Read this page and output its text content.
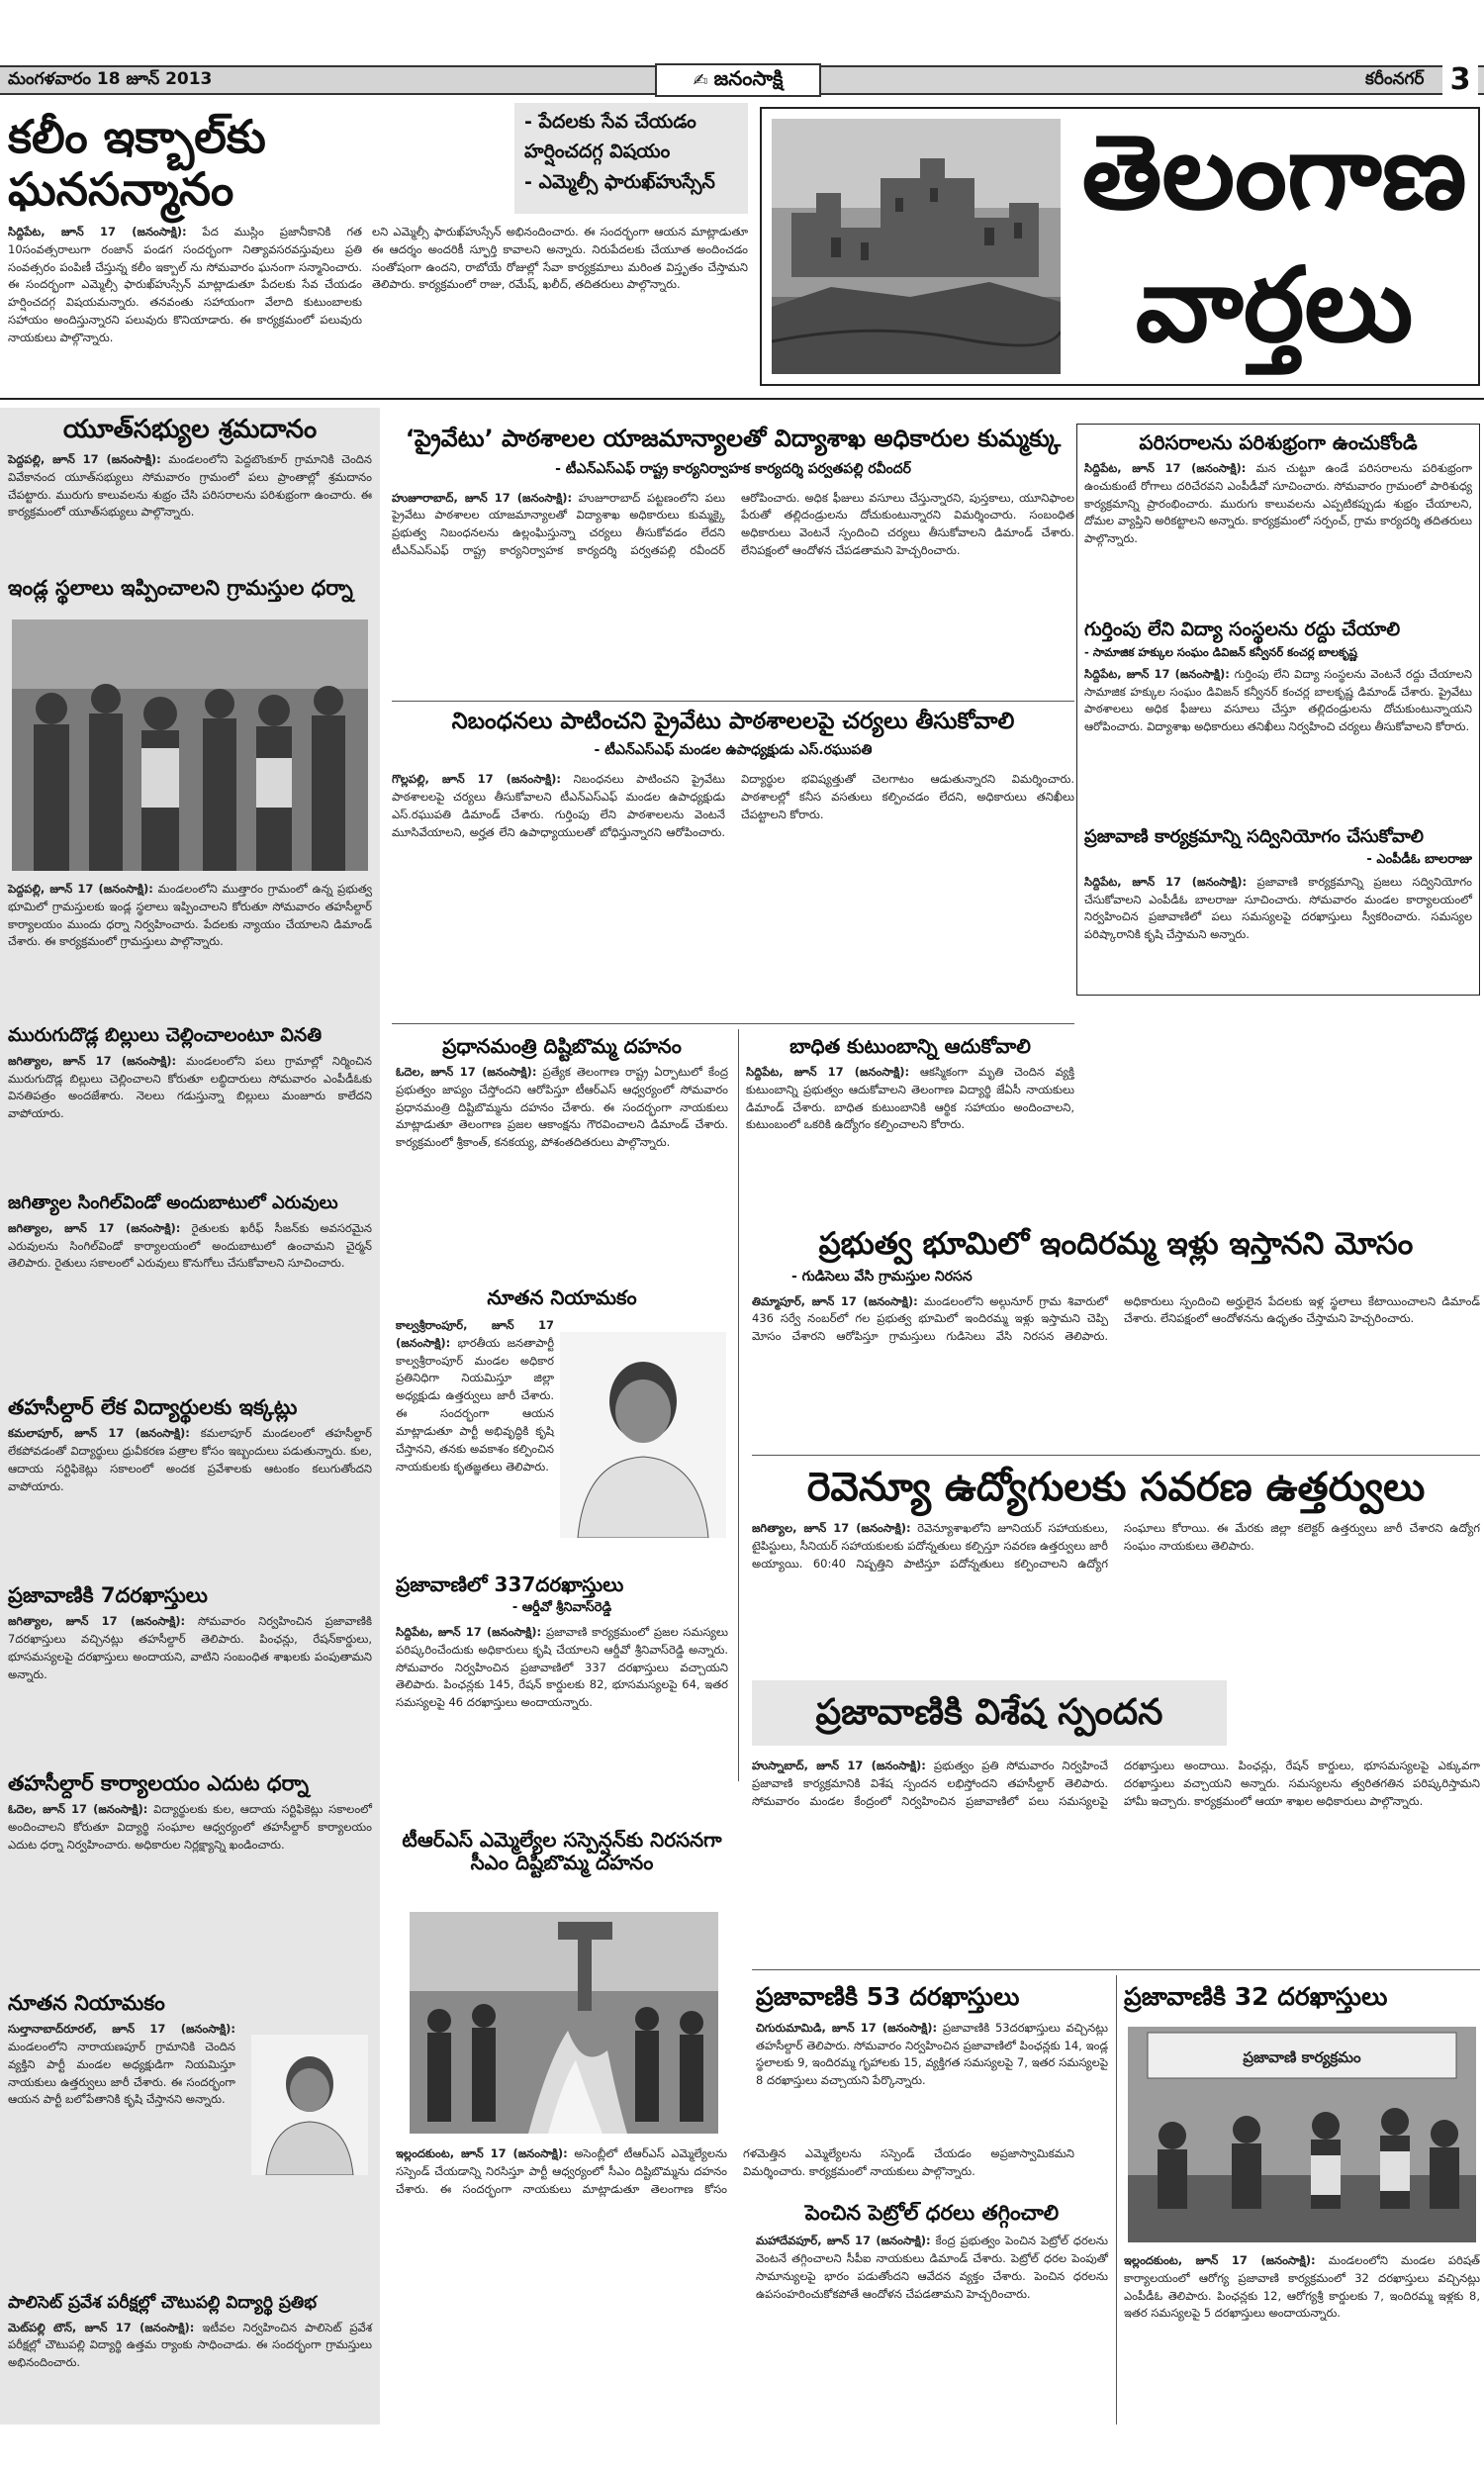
మంగళవారం 18 జూన్ 2013	✍ జనంసాక్షి	కరీంనగర్ 3
కలీం ఇక్బాల్‌కు ఘనసన్మానం
- పేదలకు సేవ చేయడం
హర్షించదగ్గ విషయం
- ఎమ్మెల్సీ ఫారుఖ్‌హుస్సేన్

సిద్దిపేట, జూన్ 17 (జనంసాక్షి): పేద ముస్లిం ప్రజానీకానికి గత 10సంవత్సరాలుగా రంజాన్ పండగ సందర్భంగా నిత్యావసరవస్తువులు ప్రతి సంవత్సరం పంపిణీ చేస్తున్న కలీం ఇక్బాల్ ను సోమవారం ఘనంగా సన్మానించారు. ఈ సందర్భంగా ఎమ్మెల్సీ ఫారుఖ్‌హుస్సేన్ మాట్లాడుతూ పేదలకు సేవ చేయడం హర్షించదగ్గ విషయమన్నారు. తనవంతు సహాయంగా వేలాది కుటుంబాలకు సహాయం అందిస్తున్నారని పలువురు కొనియాడారు. ఈ కార్యక్రమంలో పలువురు నాయకులు పాల్గొన్నారు.

లని ఎమ్మెల్సీ ఫారుఖ్‌హుస్సేన్ అభినందించారు. ఈ సందర్భంగా ఆయన మాట్లాడుతూ ఈ ఆదర్శం అందరికీ స్ఫూర్తి కావాలని అన్నారు. నిరుపేదలకు చేయూత అందించడం సంతోషంగా ఉందని, రాబోయే రోజుల్లో సేవా కార్యక్రమాలు మరింత విస్తృతం చేస్తామని తెలిపారు. కార్యక్రమంలో రాజు, రమేష్, ఖలీద్, తదితరులు పాల్గొన్నారు.

తెలంగాణ
వార్తలు
యూత్‌సభ్యుల శ్రమదానం

పెద్దపల్లి, జూన్ 17 (జనంసాక్షి): మండలంలోని పెద్దబొంకూర్ గ్రామానికి చెందిన వివేకానంద యూత్‌సభ్యులు సోమవారం గ్రామంలో పలు ప్రాంతాల్లో శ్రమదానం చేపట్టారు. మురుగు కాలువలను శుభ్రం చేసి పరిసరాలను పరిశుభ్రంగా ఉంచారు. ఈ కార్యక్రమంలో యూత్‌సభ్యులు పాల్గొన్నారు.

ఇండ్ల స్థలాలు ఇప్పించాలని గ్రామస్తుల ధర్నా

పెద్దపల్లి, జూన్ 17 (జనంసాక్షి): మండలంలోని ముత్తారం గ్రామంలో ఉన్న ప్రభుత్వ భూమిలో గ్రామస్తులకు ఇండ్ల స్థలాలు ఇప్పించాలని కోరుతూ సోమవారం తహసీల్దార్ కార్యాలయం ముందు ధర్నా నిర్వహించారు. పేదలకు న్యాయం చేయాలని డిమాండ్ చేశారు. ఈ కార్యక్రమంలో గ్రామస్తులు పాల్గొన్నారు.

మురుగుదొడ్ల బిల్లులు చెల్లించాలంటూ వినతి

జగిత్యాల, జూన్ 17 (జనంసాక్షి): మండలంలోని పలు గ్రామాల్లో నిర్మించిన మురుగుదొడ్ల బిల్లులు చెల్లించాలని కోరుతూ లబ్ధిదారులు సోమవారం ఎంపీడీఓకు వినతిపత్రం అందజేశారు. నెలలు గడుస్తున్నా బిల్లులు మంజూరు కాలేదని వాపోయారు.

జగిత్యాల సింగిల్‌విండో అందుబాటులో ఎరువులు

జగిత్యాల, జూన్ 17 (జనంసాక్షి): రైతులకు ఖరీఫ్ సీజన్‌కు అవసరమైన ఎరువులను సింగిల్‌విండో కార్యాలయంలో అందుబాటులో ఉంచామని చైర్మన్ తెలిపారు. రైతులు సకాలంలో ఎరువులు కొనుగోలు చేసుకోవాలని సూచించారు.

తహసీల్దార్ లేక విద్యార్థులకు ఇక్కట్లు

కమలాపూర్, జూన్ 17 (జనంసాక్షి): కమలాపూర్ మండలంలో తహసీల్దార్ లేకపోవడంతో విద్యార్థులు ధ్రువీకరణ పత్రాల కోసం ఇబ్బందులు పడుతున్నారు. కుల, ఆదాయ సర్టిఫికెట్లు సకాలంలో అందక ప్రవేశాలకు ఆటంకం కలుగుతోందని వాపోయారు.

ప్రజావాణికి 7దరఖాస్తులు

జగిత్యాల, జూన్ 17 (జనంసాక్షి): సోమవారం నిర్వహించిన ప్రజావాణికి 7దరఖాస్తులు వచ్చినట్లు తహసీల్దార్ తెలిపారు. పింఛన్లు, రేషన్‌కార్డులు, భూసమస్యలపై దరఖాస్తులు అందాయని, వాటిని సంబంధిత శాఖలకు పంపుతామని అన్నారు.

తహసీల్దార్ కార్యాలయం ఎదుట ధర్నా

ఓదెల, జూన్ 17 (జనంసాక్షి): విద్యార్థులకు కుల, ఆదాయ సర్టిఫికెట్లు సకాలంలో అందించాలని కోరుతూ విద్యార్థి సంఘాల ఆధ్వర్యంలో తహసీల్దార్ కార్యాలయం ఎదుట ధర్నా నిర్వహించారు. అధికారుల నిర్లక్ష్యాన్ని ఖండించారు.

నూతన నియామకం

సుల్తానాబాద్‌రూరల్, జూన్ 17 (జనంసాక్షి): మండలంలోని నారాయణపూర్ గ్రామానికి చెందిన వ్యక్తిని పార్టీ మండల అధ్యక్షుడిగా నియమిస్తూ నాయకులు ఉత్తర్వులు జారీ చేశారు. ఈ సందర్భంగా ఆయన పార్టీ బలోపేతానికి కృషి చేస్తానని అన్నారు.

పాలిసెట్ ప్రవేశ పరీక్షల్లో చౌటుపల్లి విద్యార్థి ప్రతిభ

మెట్‌పల్లి టౌన్, జూన్ 17 (జనంసాక్షి): ఇటీవల నిర్వహించిన పాలిసెట్ ప్రవేశ పరీక్షల్లో చౌటుపల్లి విద్యార్థి ఉత్తమ ర్యాంకు సాధించాడు. ఈ సందర్భంగా గ్రామస్తులు అభినందించారు.

‘ప్రైవేటు’ పాఠశాలల యాజమాన్యాలతో విద్యాశాఖ అధికారుల కుమ్మక్కు
- టీఎన్‌ఎస్‌ఎఫ్ రాష్ట్ర కార్యనిర్వాహక కార్యదర్శి పర్వతపల్లి రవీందర్

హుజూరాబాద్, జూన్ 17 (జనంసాక్షి): హుజూరాబాద్ పట్టణంలోని పలు ప్రైవేటు పాఠశాలల యాజమాన్యాలతో విద్యాశాఖ అధికారులు కుమ్మక్కై ప్రభుత్వ నిబంధనలను ఉల్లంఘిస్తున్నా చర్యలు తీసుకోవడం లేదని టీఎన్‌ఎస్‌ఎఫ్ రాష్ట్ర కార్యనిర్వాహక కార్యదర్శి పర్వతపల్లి రవీందర్ ఆరోపించారు. అధిక ఫీజులు వసూలు చేస్తున్నారని, పుస్తకాలు, యూనిఫాంల పేరుతో తల్లిదండ్రులను దోచుకుంటున్నారని విమర్శించారు. సంబంధిత అధికారులు వెంటనే స్పందించి చర్యలు తీసుకోవాలని డిమాండ్ చేశారు. లేనిపక్షంలో ఆందోళన చేపడతామని హెచ్చరించారు.

నిబంధనలు పాటించని ప్రైవేటు పాఠశాలలపై చర్యలు తీసుకోవాలి
- టీఎన్‌ఎస్‌ఎఫ్ మండల ఉపాధ్యక్షుడు ఎస్.రఘుపతి

గొల్లపల్లి, జూన్ 17 (జనంసాక్షి): నిబంధనలు పాటించని ప్రైవేటు పాఠశాలలపై చర్యలు తీసుకోవాలని టీఎన్‌ఎస్‌ఎఫ్ మండల ఉపాధ్యక్షుడు ఎస్.రఘుపతి డిమాండ్ చేశారు. గుర్తింపు లేని పాఠశాలలను వెంటనే మూసివేయాలని, అర్హత లేని ఉపాధ్యాయులతో బోధిస్తున్నారని ఆరోపించారు. విద్యార్థుల భవిష్యత్తుతో చెలగాటం ఆడుతున్నారని విమర్శించారు. పాఠశాలల్లో కనీస వసతులు కల్పించడం లేదని, అధికారులు తనిఖీలు చేపట్టాలని కోరారు.

ప్రధానమంత్రి దిష్టిబొమ్మ దహనం

ఓదెల, జూన్ 17 (జనంసాక్షి): ప్రత్యేక తెలంగాణ రాష్ట్ర ఏర్పాటులో కేంద్ర ప్రభుత్వం జాప్యం చేస్తోందని ఆరోపిస్తూ టీఆర్ఎస్ ఆధ్వర్యంలో సోమవారం ప్రధానమంత్రి దిష్టిబొమ్మను దహనం చేశారు. ఈ సందర్భంగా నాయకులు మాట్లాడుతూ తెలంగాణ ప్రజల ఆకాంక్షను గౌరవించాలని డిమాండ్ చేశారు. కార్యక్రమంలో శ్రీకాంత్, కనకయ్య, పోశంతదితరులు పాల్గొన్నారు.

బాధిత కుటుంబాన్ని ఆదుకోవాలి

సిద్దిపేట, జూన్ 17 (జనంసాక్షి): ఆకస్మికంగా మృతి చెందిన వ్యక్తి కుటుంబాన్ని ప్రభుత్వం ఆదుకోవాలని తెలంగాణ విద్యార్థి జేఏసీ నాయకులు డిమాండ్ చేశారు. బాధిత కుటుంబానికి ఆర్థిక సహాయం అందించాలని, కుటుంబంలో ఒకరికి ఉద్యోగం కల్పించాలని కోరారు.

నూతన నియామకం

కాల్వశ్రీరాంపూర్, జూన్ 17 (జనంసాక్షి): భారతీయ జనతాపార్టీ కాల్వశ్రీరాంపూర్ మండల అధికార ప్రతినిధిగా నియమిస్తూ జిల్లా అధ్యక్షుడు ఉత్తర్వులు జారీ చేశారు. ఈ సందర్భంగా ఆయన మాట్లాడుతూ పార్టీ అభివృద్ధికి కృషి చేస్తానని, తనకు అవకాశం కల్పించిన నాయకులకు కృతజ్ఞతలు తెలిపారు.

ప్రజావాణిలో 337దరఖాస్తులు
- ఆర్డీవో శ్రీనివాస్‌రెడ్డి

సిద్దిపేట, జూన్ 17 (జనంసాక్షి): ప్రజావాణి కార్యక్రమంలో ప్రజల సమస్యలు పరిష్కరించేందుకు అధికారులు కృషి చేయాలని ఆర్డీవో శ్రీనివాస్‌రెడ్డి అన్నారు. సోమవారం నిర్వహించిన ప్రజావాణిలో 337 దరఖాస్తులు వచ్చాయని తెలిపారు. పింఛన్లకు 145, రేషన్ కార్డులకు 82, భూసమస్యలపై 64, ఇతర సమస్యలపై 46 దరఖాస్తులు అందాయన్నారు.

టీఆర్‌ఎస్ ఎమ్మెల్యేల సస్పెన్షన్‌కు నిరసనగా సీఎం దిష్టిబొమ్మ దహనం

ఇల్లందకుంట, జూన్ 17 (జనంసాక్షి): అసెంబ్లీలో టీఆర్‌ఎస్ ఎమ్మెల్యేలను సస్పెండ్ చేయడాన్ని నిరసిస్తూ పార్టీ ఆధ్వర్యంలో సీఎం దిష్టిబొమ్మను దహనం చేశారు. ఈ సందర్భంగా నాయకులు మాట్లాడుతూ తెలంగాణ కోసం గళమెత్తిన ఎమ్మెల్యేలను సస్పెండ్ చేయడం అప్రజాస్వామికమని విమర్శించారు. కార్యక్రమంలో నాయకులు పాల్గొన్నారు.

పరిసరాలను పరిశుభ్రంగా ఉంచుకోండి

సిద్దిపేట, జూన్ 17 (జనంసాక్షి): మన చుట్టూ ఉండే పరిసరాలను పరిశుభ్రంగా ఉంచుకుంటే రోగాలు దరిచేరవని ఎంపీడీవో సూచించారు. సోమవారం గ్రామంలో పారిశుధ్య కార్యక్రమాన్ని ప్రారంభించారు. మురుగు కాలువలను ఎప్పటికప్పుడు శుభ్రం చేయాలని, దోమల వ్యాప్తిని అరికట్టాలని అన్నారు. కార్యక్రమంలో సర్పంచ్, గ్రామ కార్యదర్శి తదితరులు పాల్గొన్నారు.

గుర్తింపు లేని విద్యా సంస్థలను రద్దు చేయాలి
- సామాజిక హక్కుల సంఘం డివిజన్ కన్వీనర్ కంచర్ల బాలకృష్ణ

సిద్దిపేట, జూన్ 17 (జనంసాక్షి): గుర్తింపు లేని విద్యా సంస్థలను వెంటనే రద్దు చేయాలని సామాజిక హక్కుల సంఘం డివిజన్ కన్వీనర్ కంచర్ల బాలకృష్ణ డిమాండ్ చేశారు. ప్రైవేటు పాఠశాలలు అధిక ఫీజులు వసూలు చేస్తూ తల్లిదండ్రులను దోచుకుంటున్నాయని ఆరోపించారు. విద్యాశాఖ అధికారులు తనిఖీలు నిర్వహించి చర్యలు తీసుకోవాలని కోరారు.

ప్రజావాణి కార్యక్రమాన్ని సద్వినియోగం చేసుకోవాలి
- ఎంపీడీఓ బాలరాజు

సిద్దిపేట, జూన్ 17 (జనంసాక్షి): ప్రజావాణి కార్యక్రమాన్ని ప్రజలు సద్వినియోగం చేసుకోవాలని ఎంపీడీఓ బాలరాజు సూచించారు. సోమవారం మండల కార్యాలయంలో నిర్వహించిన ప్రజావాణిలో పలు సమస్యలపై దరఖాస్తులు స్వీకరించారు. సమస్యల పరిష్కారానికి కృషి చేస్తామని అన్నారు.

ప్రభుత్వ భూమిలో ఇందిరమ్మ ఇళ్లు ఇస్తానని మోసం
- గుడిసెలు వేసి గ్రామస్తుల నిరసన

తిమ్మాపూర్, జూన్ 17 (జనంసాక్షి): మండలంలోని అల్గునూర్ గ్రామ శివారులో 436 సర్వే నంబర్‌లో గల ప్రభుత్వ భూమిలో ఇందిరమ్మ ఇళ్లు ఇస్తామని చెప్పి మోసం చేశారని ఆరోపిస్తూ గ్రామస్తులు గుడిసెలు వేసి నిరసన తెలిపారు. అధికారులు స్పందించి అర్హులైన పేదలకు ఇళ్ల స్థలాలు కేటాయించాలని డిమాండ్ చేశారు. లేనిపక్షంలో ఆందోళనను ఉధృతం చేస్తామని హెచ్చరించారు.

రెవెన్యూ ఉద్యోగులకు సవరణ ఉత్తర్వులు

జగిత్యాల, జూన్ 17 (జనంసాక్షి): రెవెన్యూశాఖలోని జూనియర్ సహాయకులు, టైపిస్టులు, సీనియర్ సహాయకులకు పదోన్నతులు కల్పిస్తూ సవరణ ఉత్తర్వులు జారీ అయ్యాయి. 60:40 నిష్పత్తిని పాటిస్తూ పదోన్నతులు కల్పించాలని ఉద్యోగ సంఘాలు కోరాయి. ఈ మేరకు జిల్లా కలెక్టర్ ఉత్తర్వులు జారీ చేశారని ఉద్యోగ సంఘం నాయకులు తెలిపారు.

ప్రజావాణికి విశేష స్పందన

హుస్నాబాద్, జూన్ 17 (జనంసాక్షి): ప్రభుత్వం ప్రతి సోమవారం నిర్వహించే ప్రజావాణి కార్యక్రమానికి విశేష స్పందన లభిస్తోందని తహసీల్దార్ తెలిపారు. సోమవారం మండల కేంద్రంలో నిర్వహించిన ప్రజావాణిలో పలు సమస్యలపై దరఖాస్తులు అందాయి. పింఛన్లు, రేషన్ కార్డులు, భూసమస్యలపై ఎక్కువగా దరఖాస్తులు వచ్చాయని అన్నారు. సమస్యలను త్వరితగతిన పరిష్కరిస్తామని హామీ ఇచ్చారు. కార్యక్రమంలో ఆయా శాఖల అధికారులు పాల్గొన్నారు.

ప్రజావాణికి 53 దరఖాస్తులు

చిగురుమామిడి, జూన్ 17 (జనంసాక్షి): ప్రజావాణికి 53దరఖాస్తులు వచ్చినట్లు తహసీల్దార్ తెలిపారు. సోమవారం నిర్వహించిన ప్రజావాణిలో పింఛన్లకు 14, ఇండ్ల స్థలాలకు 9, ఇందిరమ్మ గృహాలకు 15, వ్యక్తిగత సమస్యలపై 7, ఇతర సమస్యలపై 8 దరఖాస్తులు వచ్చాయని పేర్కొన్నారు.

పెంచిన పెట్రోల్ ధరలు తగ్గించాలి

మహాదేవపూర్, జూన్ 17 (జనంసాక్షి): కేంద్ర ప్రభుత్వం పెంచిన పెట్రోల్ ధరలను వెంటనే తగ్గించాలని సీపీఐ నాయకులు డిమాండ్ చేశారు. పెట్రోల్ ధరల పెంపుతో సామాన్యులపై భారం పడుతోందని ఆవేదన వ్యక్తం చేశారు. పెంచిన ధరలను ఉపసంహరించుకోకపోతే ఆందోళన చేపడతామని హెచ్చరించారు.

ప్రజావాణికి 32 దరఖాస్తులు
ప్రజావాణి కార్యక్రమం

ఇల్లందకుంట, జూన్ 17 (జనంసాక్షి): మండలంలోని మండల పరిషత్ కార్యాలయంలో ఆరోగ్య ప్రజావాణి కార్యక్రమంలో 32 దరఖాస్తులు వచ్చినట్లు ఎంపీడీఓ తెలిపారు. పింఛన్లకు 12, ఆరోగ్యశ్రీ కార్డులకు 7, ఇందిరమ్మ ఇళ్లకు 8, ఇతర సమస్యలపై 5 దరఖాస్తులు అందాయన్నారు.
